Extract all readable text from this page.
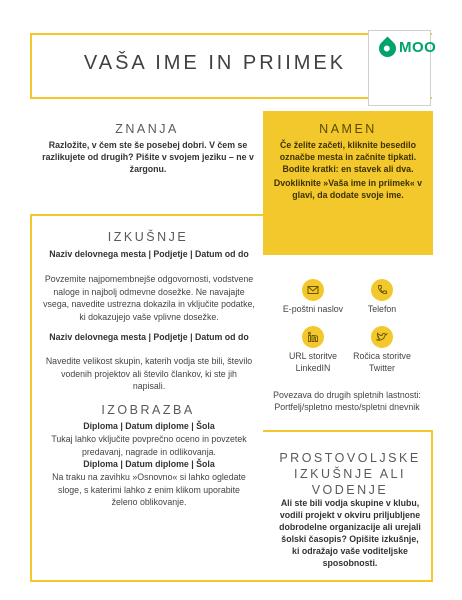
VAŠA IME IN PRIIMEK
MOO
ZNANJA
Razložite, v čem ste še posebej dobri. V čem se razlikujete od drugih? Pišite v svojem jeziku – ne v žargonu.
NAMEN
Če želite začeti, kliknite besedilo označbe mesta in začnite tipkati. Bodite kratki: en stavek ali dva.
Dvokliknite »Vaša ime in priimek« v glavi, da dodate svoje ime.
IZKUŠNJE
Naziv delovnega mesta | Podjetje | Datum od do
Povzemite najpomembnejše odgovornosti, vodstvene naloge in najbolj odmevne dosežke. Ne navajajte vsega, navedite ustrezna dokazila in vključite podatke, ki dokazujejo vaše vplivne dosežke.
Naziv delovnega mesta | Podjetje | Datum od do
Navedite velikost skupin, katerih vodja ste bili, število vodenih projektov ali število člankov, ki ste jih napisali.
IZOBRAZBA
Diploma | Datum diplome | Šola
Tukaj lahko vključite povprečno oceno in povzetek predavanj, nagrade in odlikovanja.
Diploma | Datum diplome | Šola
Na traku na zavihku »Osnovno« si lahko ogledate sloge, s katerimi lahko z enim klikom uporabite želeno oblikovanje.
E-poštni naslov	Telefon
URL storitve LinkedIN
Ročica storitve Twitter
Povezava do drugih spletnih lastnosti: Portfelj/spletno mesto/spletni dnevnik
PROSTOVOLJSKE IZKUŠNJE ALI VODENJE
Ali ste bili vodja skupine v klubu, vodili projekt v okviru priljubljene dobrodelne organizacije ali urejali šolski časopis? Opišite izkušnje, ki odražajo vaše voditeljske sposobnosti.
